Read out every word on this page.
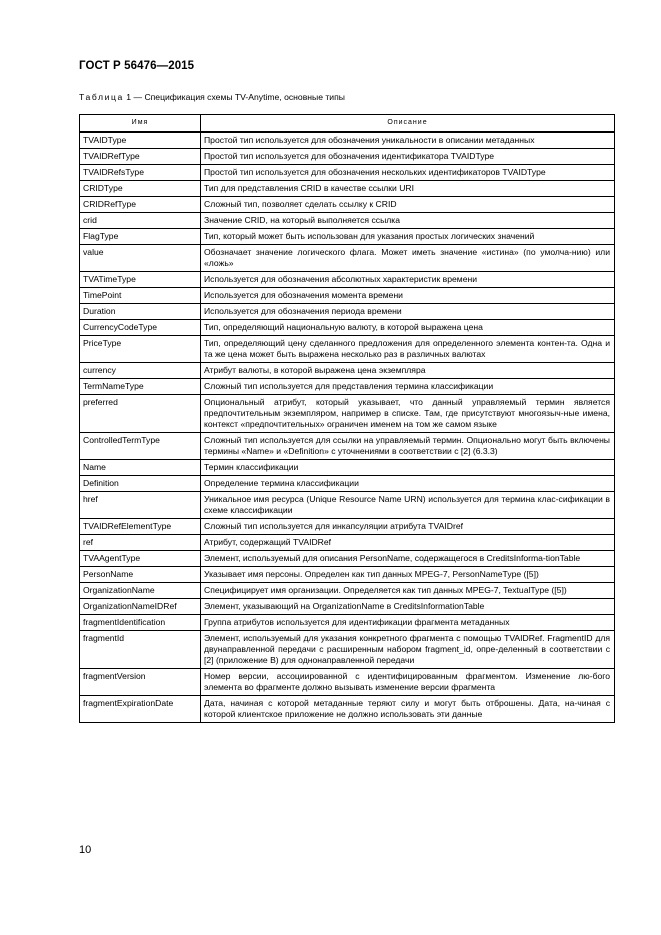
ГОСТ Р 56476—2015
Таблица 1 — Спецификация схемы TV-Anytime, основные типы
Имя	Описание
TVAIDType	Простой тип используется для обозначения уникальности в описании метаданных
TVAIDRefType	Простой тип используется для обозначения идентификатора TVAIDType
TVAIDRefsType	Простой тип используется для обозначения нескольких идентификаторов TVAIDType
CRIDType	Тип для представления CRID в качестве ссылки URI
CRIDRefType	Сложный тип, позволяет сделать ссылку к CRID
crid	Значение CRID, на который выполняется ссылка
FlagType	Тип, который может быть использован для указания простых логических значений
value	Обозначает значение логического флага. Может иметь значение «истина» (по умолча-нию) или «ложь»
TVATimeType	Используется для обозначения абсолютных характеристик времени
TimePoint	Используется для обозначения момента времени
Duration	Используется для обозначения периода времени
CurrencyCodeType	Тип, определяющий национальную валюту, в которой выражена цена
PriceType	Тип, определяющий цену сделанного предложения для определенного элемента контен-та. Одна и та же цена может быть выражена несколько раз в различных валютах
currency	Атрибут валюты, в которой выражена цена экземпляра
TermNameType	Сложный тип используется для представления термина классификации
preferred	Опциональный атрибут, который указывает, что данный управляемый термин является предпочтительным экземпляром, например в списке. Там, где присутствуют многоязыч-ные имена, контекст «предпочтительных» ограничен именем на том же самом языке
ControlledTermType	Сложный тип используется для ссылки на управляемый термин. Опционально могут быть включены термины «Name» и «Definition» с уточнениями в соответствии с [2] (6.3.3)
Name	Термин классификации
Definition	Определение термина классификации
href	Уникальное имя ресурса (Unique Resource Name URN) используется для термина клас-сификации в схеме классификации
TVAIDRefElementType	Сложный тип используется для инкапсуляции атрибута TVAIDref
ref	Атрибут, содержащий TVAIDRef
TVAAgentType	Элемент, используемый для описания PersonName, содержащегося в CreditsInforma-tionTable
PersonName	Указывает имя персоны. Определен как тип данных MPEG-7, PersonNameType ([5])
OrganizationName	Специфицирует имя организации. Определяется как тип данных MPEG-7, TextualType ([5])
OrganizationNameIDRef	Элемент, указывающий на OrganizationName в CreditsInformationTable
fragmentIdentification	Группа атрибутов используется для идентификации фрагмента метаданных
fragmentId	Элемент, используемый для указания конкретного фрагмента с помощью TVAIDRef. FragmentID для двунаправленной передачи с расширенным набором fragment_id, опре-деленный в соответствии с [2] (приложение B) для однонаправленной передачи
fragmentVersion	Номер версии, ассоциированной с идентифицированным фрагментом. Изменение лю-бого элемента во фрагменте должно вызывать изменение версии фрагмента
fragmentExpirationDate	Дата, начиная с которой метаданные теряют силу и могут быть отброшены. Дата, на-чиная с которой клиентское приложение не должно использовать эти данные
10
